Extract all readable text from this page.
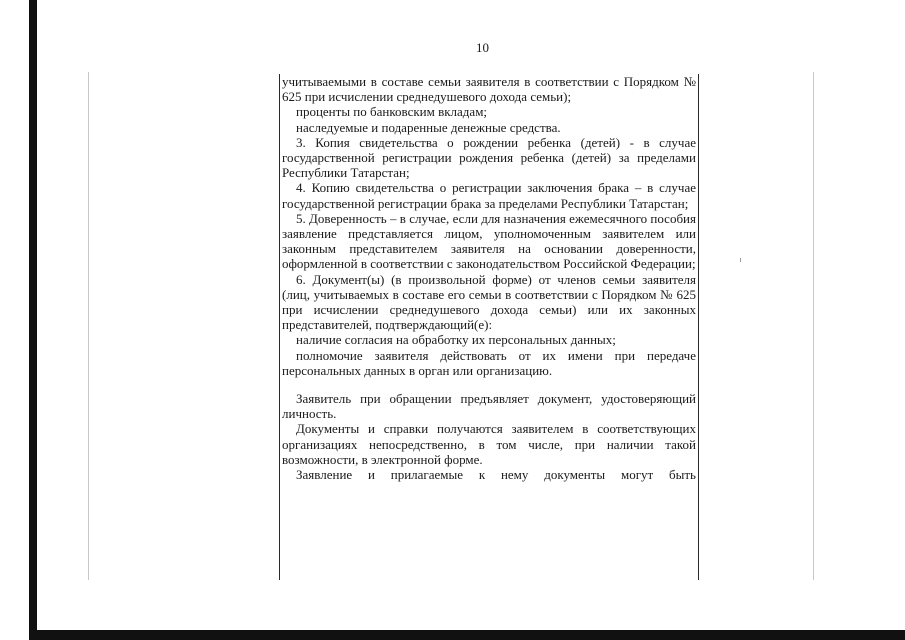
10

учитываемыми в составе семьи заявителя в соответствии с Порядком № 625 при исчислении среднедушевого дохода семьи);

проценты по банковским вкладам;

наследуемые и подаренные денежные средства.

3. Копия свидетельства о рождении ребенка (детей) - в случае государственной регистрации рождения ребенка (детей) за пределами Республики Татарстан;

4. Копию свидетельства о регистрации заключения брака – в случае государственной регистрации брака за пределами Республики Татарстан;

5. Доверенность – в случае, если для назначения ежемесячного пособия заявление представляется лицом, уполномоченным заявителем или законным представителем заявителя на основании доверенности, оформленной в соответствии с законодательством Российской Федерации;

6. Документ(ы) (в произвольной форме) от членов семьи заявителя (лиц, учитываемых в составе его семьи в соответствии с Порядком № 625 при исчислении среднедушевого дохода семьи) или их законных представителей, подтверждающий(е):

наличие согласия на обработку их персональных данных;

полномочие заявителя действовать от их имени при передаче персональных данных в орган или организацию.

Заявитель при обращении предъявляет документ, удостоверяющий личность.

Документы и справки получаются заявителем в соответствующих организациях непосредственно, в том числе, при наличии такой возможности, в электронной форме.

Заявление и прилагаемые к нему документы могут быть
